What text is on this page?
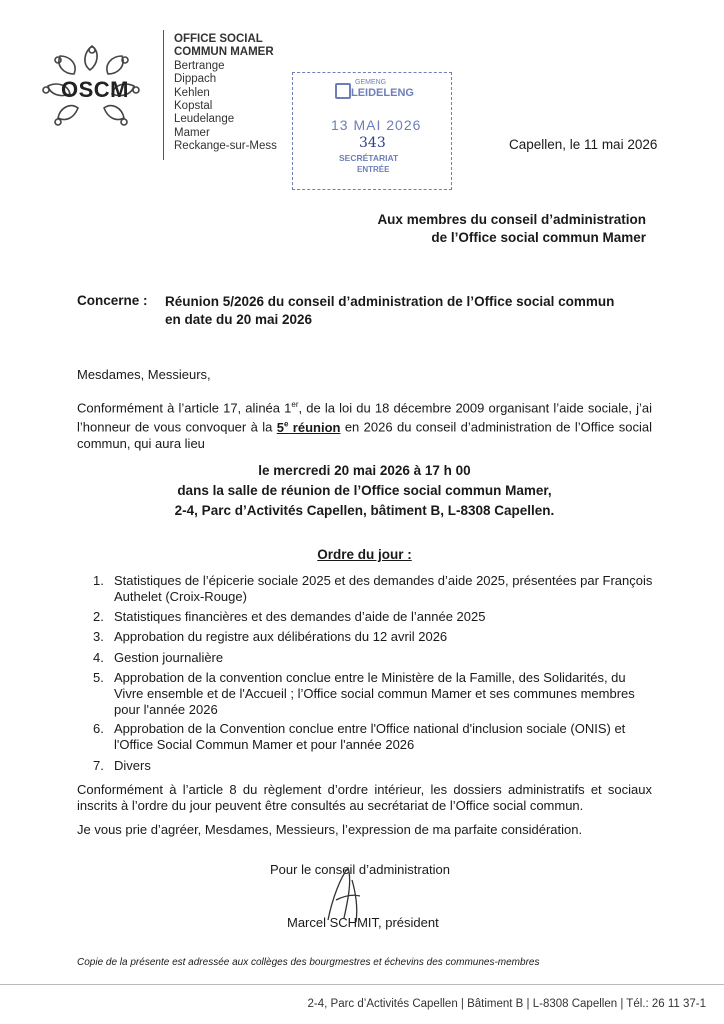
OSCM
OFFICE SOCIAL
COMMUN MAMER
Bertrange
Dippach
Kehlen
Kopstal
Leudelange
Mamer
Reckange-sur-Mess
GEMENG
LEIDELENG
13 MAI 2026
343
SECRÉTARIAT
ENTRÉE
Capellen, le 11 mai 2026
Aux membres du conseil d’administration
de l’Office social commun Mamer
Concerne : Réunion 5/2026 du conseil d’administration de l’Office social commun
en date du 20 mai 2026
Mesdames, Messieurs,
Conformément à l’article 17, alinéa 1er, de la loi du 18 décembre 2009 organisant l’aide sociale, j’ai l’honneur de vous convoquer à la 5e réunion en 2026 du conseil d’administration de l’Office social commun, qui aura lieu
le mercredi 20 mai 2026 à 17 h 00
dans la salle de réunion de l’Office social commun Mamer,
2-4, Parc d’Activités Capellen, bâtiment B, L-8308 Capellen.
Ordre du jour :
1. Statistiques de l’épicerie sociale 2025 et des demandes d’aide 2025, présentées par François Authelet (Croix-Rouge)
2. Statistiques financières et des demandes d’aide de l’année 2025
3. Approbation du registre aux délibérations du 12 avril 2026
4. Gestion journalière
5. Approbation de la convention conclue entre le Ministère de la Famille, des Solidarités, du Vivre ensemble et de l'Accueil ; l’Office social commun Mamer et ses communes membres pour l'année 2026
6. Approbation de la Convention conclue entre l'Office national d'inclusion sociale (ONIS) et l'Office Social Commun Mamer et pour l'année 2026
7. Divers
Conformément à l’article 8 du règlement d’ordre intérieur, les dossiers administratifs et sociaux inscrits à l’ordre du jour peuvent être consultés au secrétariat de l’Office social commun.
Je vous prie d’agréer, Mesdames, Messieurs, l’expression de ma parfaite considération.
Pour le conseil d’administration
Marcel SCHMIT, président
Copie de la présente est adressée aux collèges des bourgmestres et échevins des communes-membres
2-4, Parc d’Activités Capellen | Bâtiment B | L-8308 Capellen | Tél.: 26 11 37-1
